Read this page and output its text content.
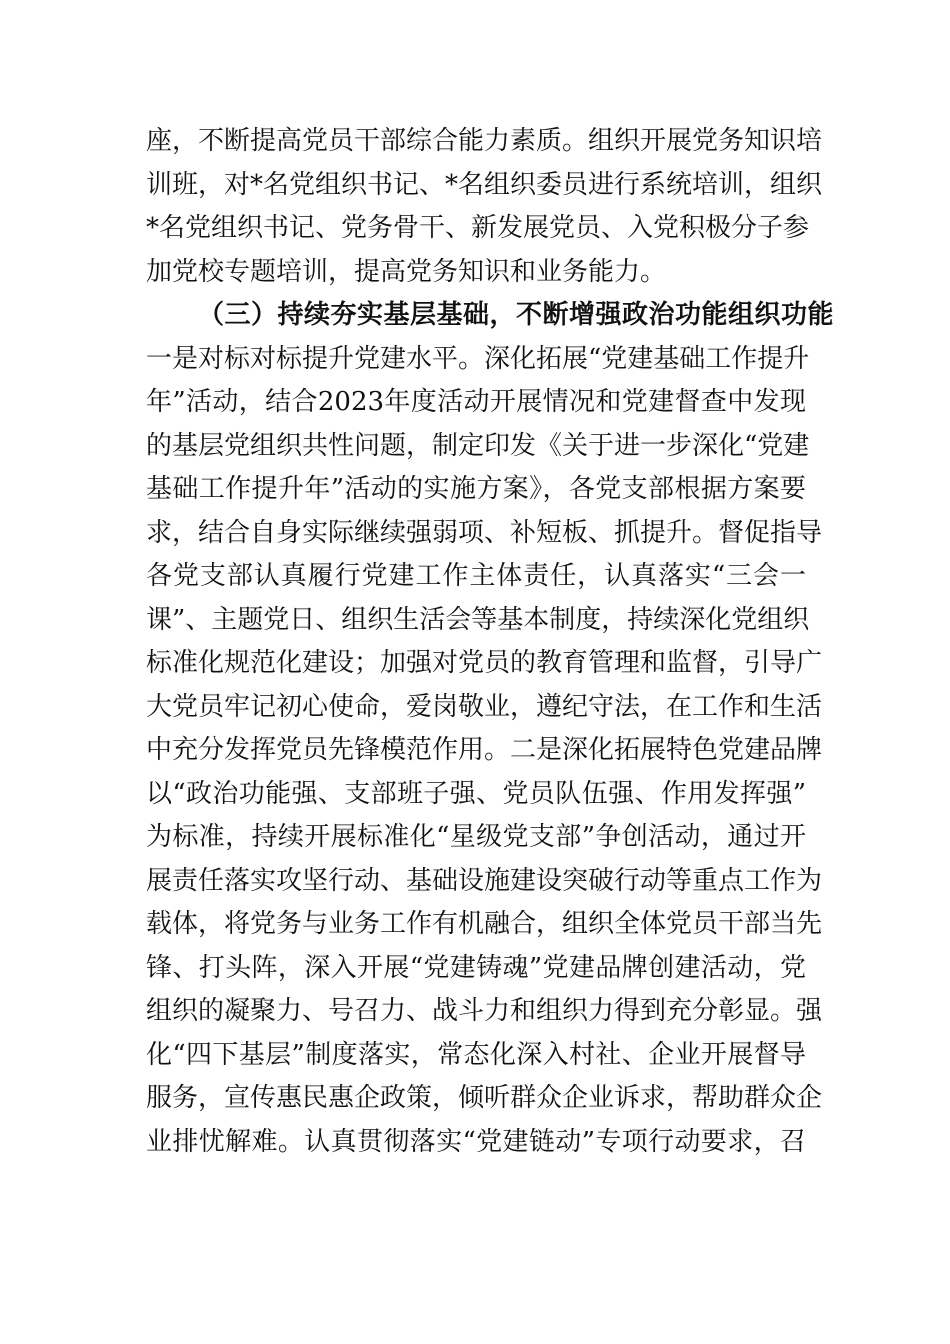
座，不断提高党员干部综合能力素质。组织开展党务知识培
训班，对*名党组织书记、*名组织委员进行系统培训，组织
*名党组织书记、党务骨干、新发展党员、入党积极分子参
加党校专题培训，提高党务知识和业务能力。
（三）持续夯实基层基础，不断增强政治功能组织功能
一是对标对标提升党建水平。深化拓展“党建基础工作提升
年”活动，结合2023年度活动开展情况和党建督查中发现
的基层党组织共性问题，制定印发《关于进一步深化“党建
基础工作提升年”活动的实施方案》，各党支部根据方案要
求，结合自身实际继续强弱项、补短板、抓提升。督促指导
各党支部认真履行党建工作主体责任，认真落实“三会一
课”、主题党日、组织生活会等基本制度，持续深化党组织
标准化规范化建设；加强对党员的教育管理和监督，引导广
大党员牢记初心使命，爱岗敬业，遵纪守法，在工作和生活
中充分发挥党员先锋模范作用。二是深化拓展特色党建品牌
以“政治功能强、支部班子强、党员队伍强、作用发挥强”
为标准，持续开展标准化“星级党支部”争创活动，通过开
展责任落实攻坚行动、基础设施建设突破行动等重点工作为
载体，将党务与业务工作有机融合，组织全体党员干部当先
锋、打头阵，深入开展“党建铸魂”党建品牌创建活动，党
组织的凝聚力、号召力、战斗力和组织力得到充分彰显。强
化“四下基层”制度落实，常态化深入村社、企业开展督导
服务，宣传惠民惠企政策，倾听群众企业诉求，帮助群众企
业排忧解难。认真贯彻落实“党建链动”专项行动要求，召
